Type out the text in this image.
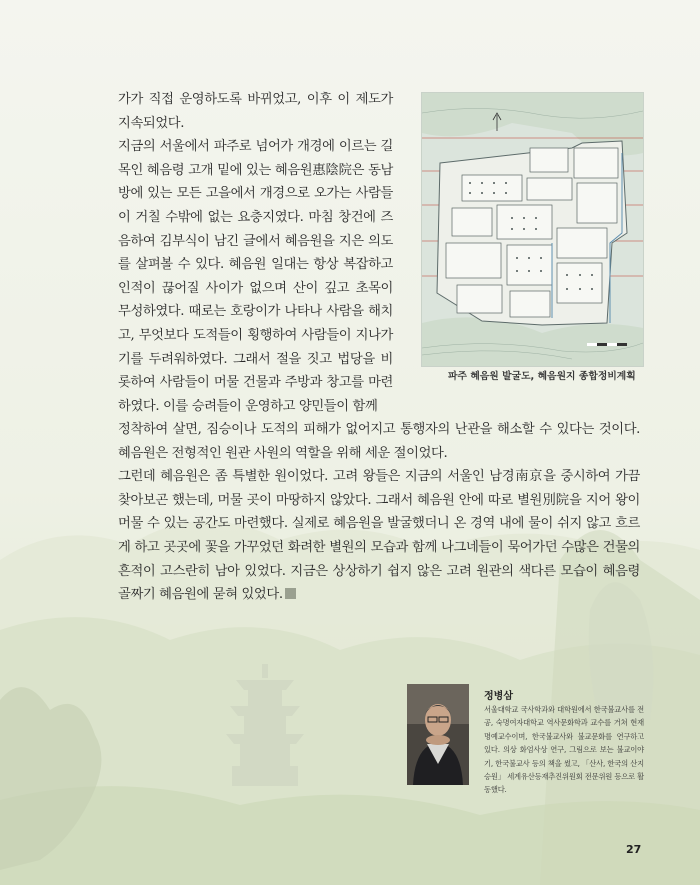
가가 직접 운영하도록 바뀌었고, 이후 이 제도가 지속되었다.

지금의 서울에서 파주로 넘어가 개경에 이르는 길목인 혜음령 고개 밑에 있는 혜음원惠陰院은 동남방에 있는 모든 고을에서 개경으로 오가는 사람들이 거칠 수밖에 없는 요충지였다. 마침 창건에 즈음하여 김부식이 남긴 글에서 혜음원을 지은 의도를 살펴볼 수 있다. 혜음원 일대는 항상 복잡하고 인적이 끊어질 사이가 없으며 산이 깊고 초목이 무성하였다. 때로는 호랑이가 나타나 사람을 해치고, 무엇보다 도적들이 횡행하여 사람들이 지나가기를 두려워하였다. 그래서 절을 짓고 법당을 비롯하여 사람들이 머물 건물과 주방과 창고를 마련하였다. 이를 승려들이 운영하고 양민들이 함께

파주 혜음원 발굴도, 혜음원지 종합정비계획

정착하여 살면, 짐승이나 도적의 피해가 없어지고 통행자의 난관을 해소할 수 있다는 것이다. 혜음원은 전형적인 원관 사원의 역할을 위해 세운 절이었다.

그런데 혜음원은 좀 특별한 원이었다. 고려 왕들은 지금의 서울인 남경南京을 중시하여 가끔 찾아보곤 했는데, 머물 곳이 마땅하지 않았다. 그래서 혜음원 안에 따로 별원別院을 지어 왕이 머물 수 있는 공간도 마련했다. 실제로 혜음원을 발굴했더니 온 경역 내에 물이 쉬지 않고 흐르게 하고 곳곳에 꽃을 가꾸었던 화려한 별원의 모습과 함께 나그네들이 묵어가던 수많은 건물의 흔적이 고스란히 남아 있었다. 지금은 상상하기 쉽지 않은 고려 원관의 색다른 모습이 혜음령 골짜기 혜음원에 묻혀 있었다.

정병삼
서울대학교 국사학과와 대학원에서 한국불교사를 전공, 숙명여자대학교 역사문화학과 교수를 거쳐 현재 명예교수이며, 한국불교사와 불교문화를 연구하고 있다. 의상 화엄사상 연구, 그림으로 보는 불교이야기, 한국불교사 등의 책을 썼고, 「산사, 한국의 산지 승원」 세계유산등재추진위원회 전문위원 등으로 활동했다.
27
